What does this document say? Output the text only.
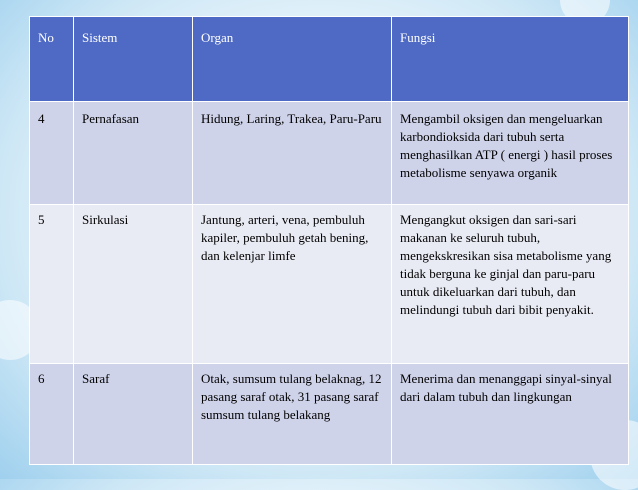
No	Sistem	Organ	Fungsi
4	Pernafasan	Hidung, Laring, Trakea, Paru-Paru	Mengambil oksigen dan mengeluarkan karbondioksida dari tubuh serta menghasilkan ATP ( energi ) hasil proses metabolisme senyawa organik
5	Sirkulasi	Jantung, arteri, vena, pembuluh kapiler, pembuluh getah bening, dan kelenjar limfe	Mengangkut oksigen dan sari-sari makanan ke seluruh tubuh, mengekskresikan sisa metabolisme yang tidak berguna ke ginjal dan paru-paru untuk dikeluarkan dari tubuh, dan melindungi tubuh dari bibit penyakit.
6	Saraf	Otak, sumsum tulang belaknag, 12 pasang saraf otak, 31 pasang saraf sumsum tulang belakang	Menerima dan menanggapi sinyal-sinyal dari dalam tubuh dan lingkungan
